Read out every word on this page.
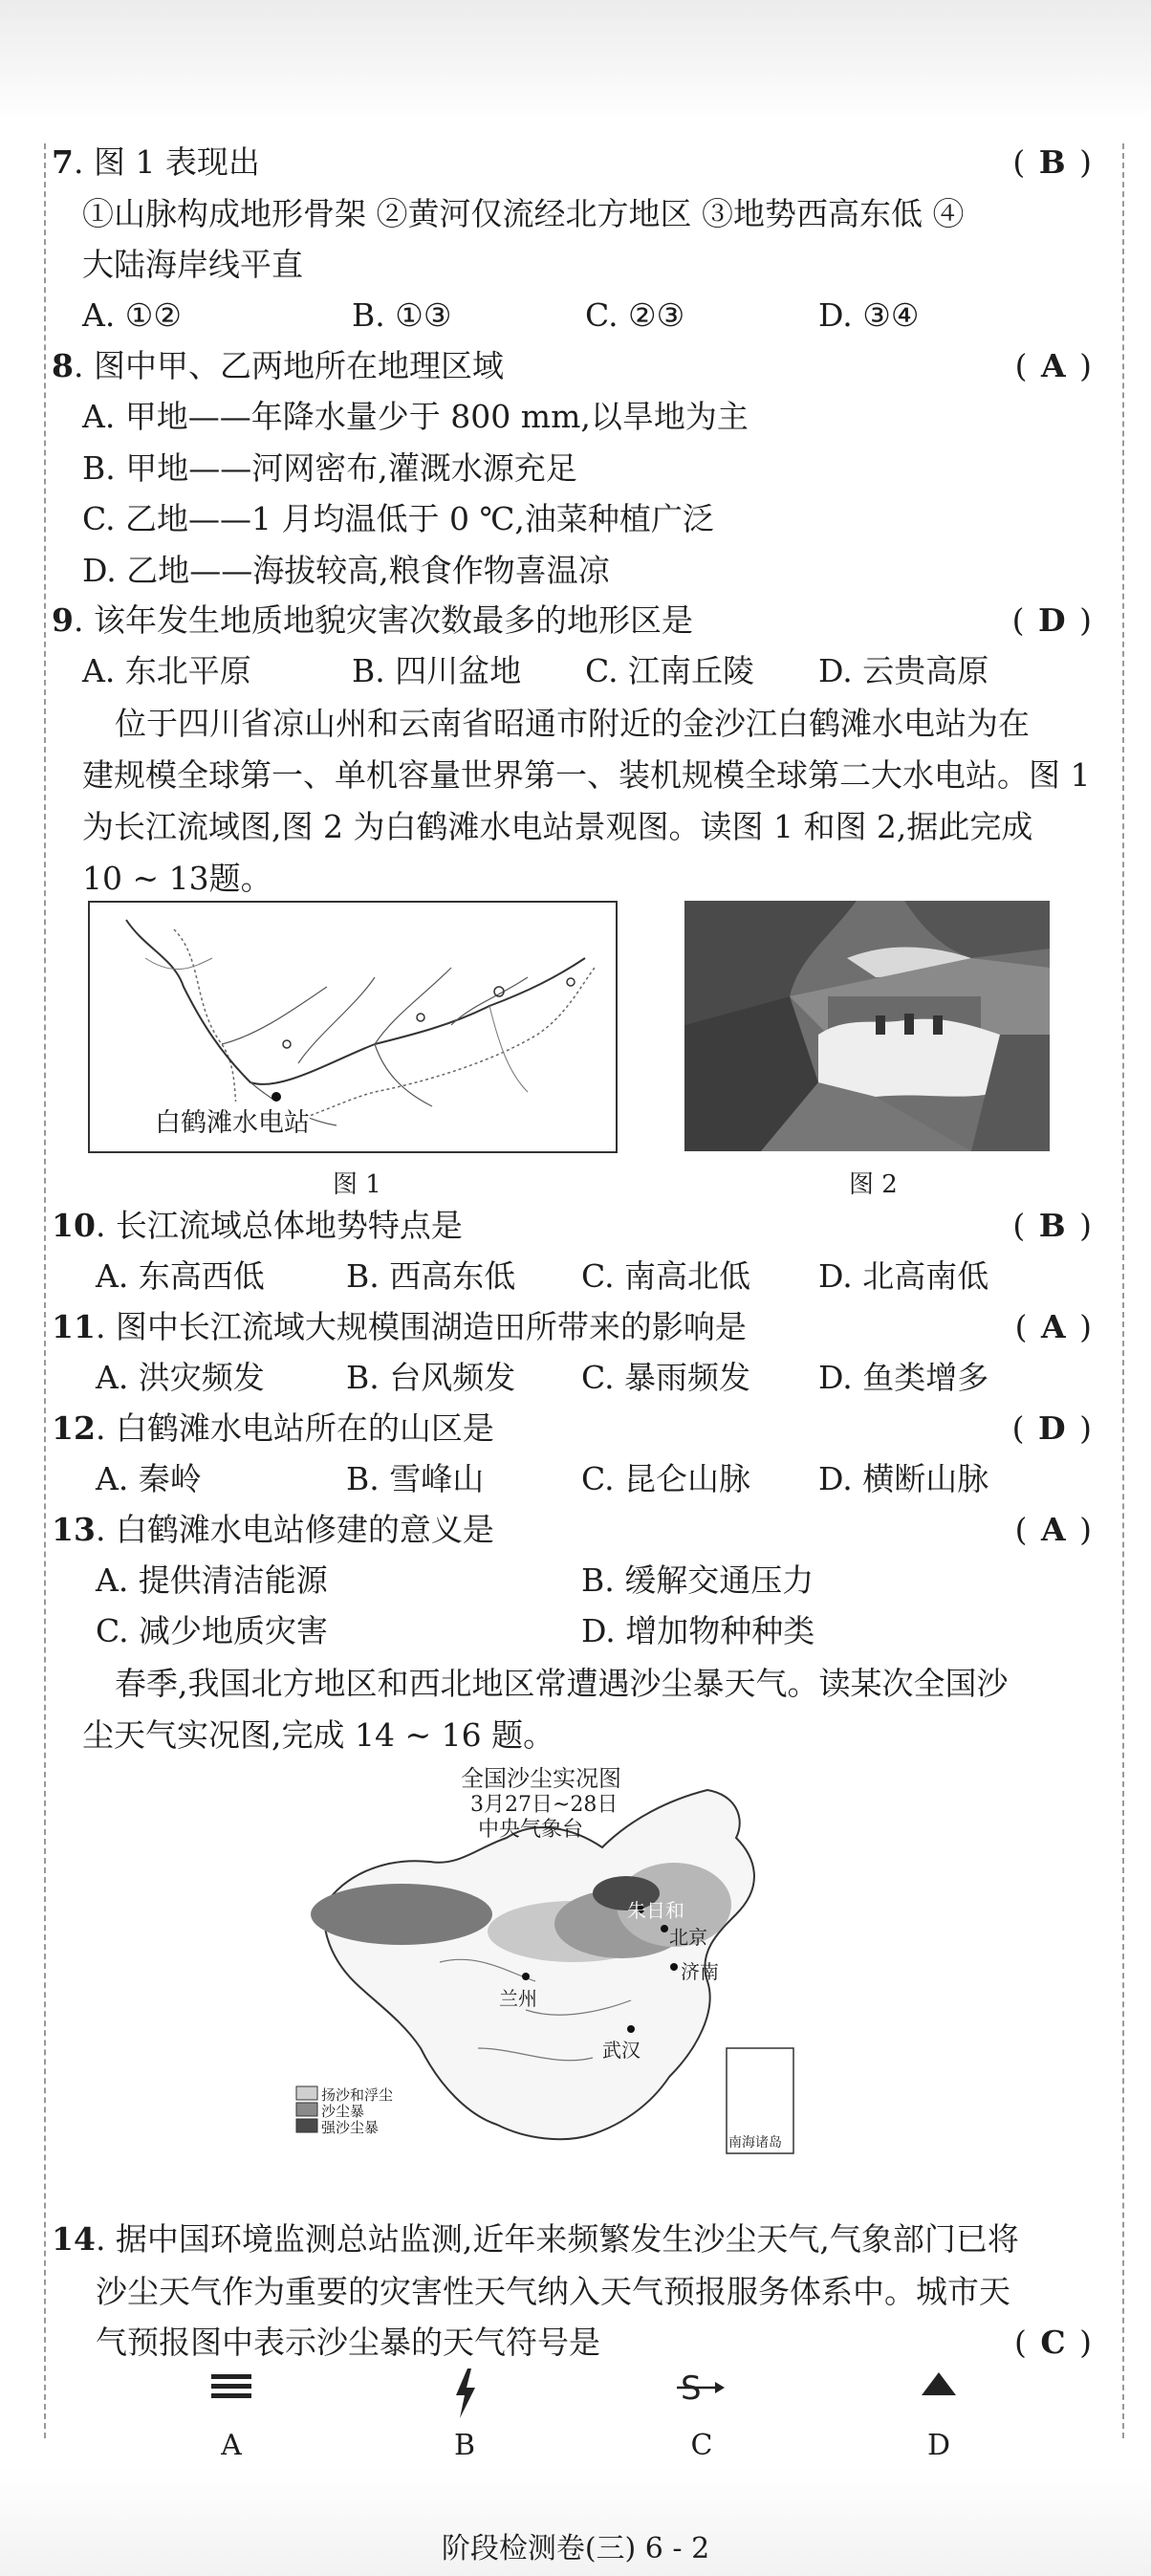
7. 图 1 表现出	( B )
①山脉构成地形骨架 ②黄河仅流经北方地区 ③地势西高东低 ④
大陆海岸线平直
A. ①②	B. ①③	C. ②③	D. ③④
8. 图中甲、乙两地所在地理区域	( A )
A. 甲地——年降水量少于 800 mm,以旱地为主
B. 甲地——河网密布,灌溉水源充足
C. 乙地——1 月均温低于 0 ℃,油菜种植广泛
D. 乙地——海拔较高,粮食作物喜温凉
9. 该年发生地质地貌灾害次数最多的地形区是	( D )
A. 东北平原	B. 四川盆地 C. 江南丘陵 D. 云贵高原
位于四川省凉山州和云南省昭通市附近的金沙江白鹤滩水电站为在
建规模全球第一、单机容量世界第一、装机规模全球第二大水电站。图 1
为长江流域图,图 2 为白鹤滩水电站景观图。读图 1 和图 2,据此完成
10 ~ 13题。
白鹤滩水电站
图 1	图 2
10. 长江流域总体地势特点是	( B )
A. 东高西低	B. 西高东低 C. 南高北低 D. 北高南低
11. 图中长江流域大规模围湖造田所带来的影响是	( A )
A. 洪灾频发	B. 台风频发 C. 暴雨频发 D. 鱼类增多
12. 白鹤滩水电站所在的山区是	( D )
A. 秦岭	B. 雪峰山	C. 昆仑山脉 D. 横断山脉
13. 白鹤滩水电站修建的意义是	( A )
A. 提供清洁能源	B. 缓解交通压力
C. 减少地质灾害	D. 增加物种种类
春季,我国北方地区和西北地区常遭遇沙尘暴天气。读某次全国沙
尘天气实况图,完成 14 ~ 16 题。
全国沙尘实况图
3月27日~28日
中央气象台
朱日和
北京
济南
兰州
武汉
扬沙和浮尘
沙尘暴
强沙尘暴
南海诸岛
14. 据中国环境监测总站监测,近年来频繁发生沙尘天气,气象部门已将
沙尘天气作为重要的灾害性天气纳入天气预报服务体系中。城市天
气预报图中表示沙尘暴的天气符号是	( C )
S
A	B	C	D
阶段检测卷(三) 6 - 2
